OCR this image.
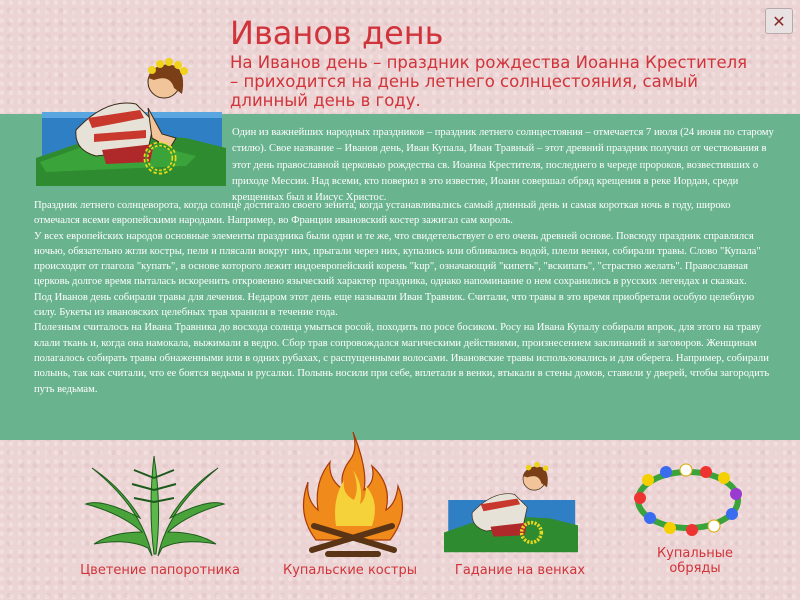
✕
Иванов день
На Иванов день – праздник рождества Иоанна Крестителя – приходится на день летнего солнцестояния, самый длинный день в году.
Один из важнейших народных праздников – праздник летнего солнцестояния – отмечается 7 июля (24 июня по старому стилю). Свое название – Иванов день, Иван Купала, Иван Травный – этот древний праздник получил от чествования в этот день православной церковью рождества св. Иоанна Крестителя, последнего в череде пророков, возвестивших о приходе Мессии. Над всеми, кто поверил в это известие, Иоанн совершал обряд крещения в реке Иордан, среди крещенных был и Иисус Христос.

Праздник летнего солнцеворота, когда солнце достигало своего зенита, когда устанавливались самый длинный день и самая короткая ночь в году, широко отмечался всеми европейскими народами. Например, во Франции ивановский костер зажигал сам король.

У всех европейских народов основные элементы праздника были одни и те же, что свидетельствует о его очень древней основе. Повсюду праздник справлялся ночью, обязательно жгли костры, пели и плясали вокруг них, прыгали через них, купались или обливались водой, плели венки, собирали травы. Слово "Купала" происходит от глагола "купать", в основе которого лежит индоевропейский корень "kup", означающий "кипеть", "вскипать", "страстно желать". Православная церковь долгое время пыталась искоренить откровенно языческий характер праздника, однако напоминание о нем сохранились в русских легендах и сказках.

Под Иванов день собирали травы для лечения. Недаром этот день еще называли Иван Травник. Считали, что травы в это время приобретали особую целебную силу. Букеты из ивановских целебных трав хранили в течение года.

Полезным считалось на Ивана Травника до восхода солнца умыться росой, походить по росе босиком. Росу на Ивана Купалу собирали впрок, для этого на траву клали ткань и, когда она намокала, выжимали в ведро. Сбор трав сопровождался магическими действиями, произнесением заклинаний и заговоров. Женщинам полагалось собирать травы обнаженными или в одних рубахах, с распущенными волосами. Ивановские травы использовались и для оберега. Например, собирали полынь, так как считали, что ее боятся ведьмы и русалки. Полынь носили при себе, вплетали в венки, втыкали в стены домов, ставили у дверей, чтобы загородить путь ведьмам.

Цветение папоротника	Купальские костры	Гадание на венках
Купальные обряды
